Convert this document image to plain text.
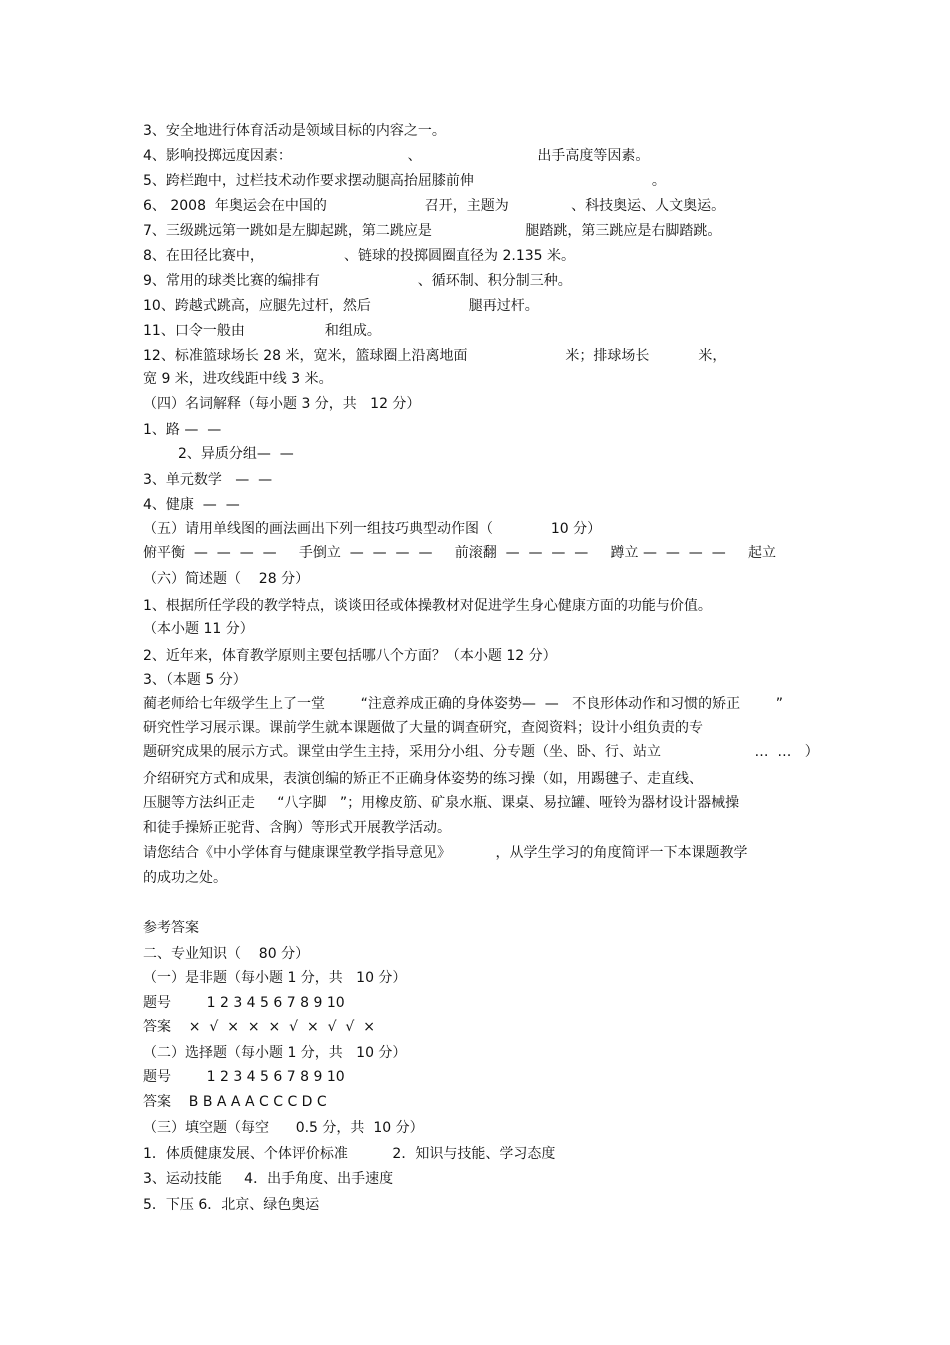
3、安全地进行体育活动是领域目标的内容之一。
4、影响投掷远度因素：                          、                          出手高度等因素。
5、跨栏跑中，过栏技术动作要求摆动腿高抬屈膝前伸                                        。
6、 2008  年奥运会在中国的                      召开，主题为              、科技奥运、人文奥运。
7、三级跳远第一跳如是左脚起跳，第二跳应是                     腿踏跳，第三跳应是右脚踏跳。
8、在田径比赛中，                  、链球的投掷圆圈直径为 2.135 米。
9、常用的球类比赛的编排有                      、循环制、积分制三种。
10、跨越式跳高，应腿先过杆，然后                      腿再过杆。
11、口令一般由                  和组成。
12、标准篮球场长 28 米，宽米，篮球圈上沿离地面                      米；排球场长           米，
宽 9 米，进攻线距中线 3 米。
（四）名词解释（每小题 3 分，共   12 分）
1、路 —  —
2、异质分组—  —
3、单元数学   —  —
4、健康  —  —
（五）请用单线图的画法画出下列一组技巧典型动作图（             10 分）
俯平衡  —  —  —  —     手倒立  —  —  —  —     前滚翻  —  —  —  —     蹲立 —  —  —  —     起立
（六）简述题（    28 分）
1、根据所任学段的教学特点，谈谈田径或体操教材对促进学生身心健康方面的功能与价值。
（本小题 11 分）
2、近年来，体育教学原则主要包括哪八个方面？（本小题 12 分）
3、（本题 5 分）
蔺老师给七年级学生上了一堂        “注意养成正确的身体姿势—  —   不良形体动作和习惯的矫正        ”
研究性学习展示课。课前学生就本课题做了大量的调查研究，查阅资料；设计小组负责的专
题研究成果的展示方式。课堂由学生主持，采用分小组、分专题（坐、卧、行、站立                     …  …   ）
介绍研究方式和成果，表演创编的矫正不正确身体姿势的练习操（如，用踢毽子、走直线、
压腿等方法纠正走     “八字脚   ”；用橡皮筋、矿泉水瓶、课桌、易拉罐、哑铃为器材设计器械操
和徒手操矫正驼背、含胸）等形式开展教学活动。
请您结合《中小学体育与健康课堂教学指导意见》          ，从学生学习的角度简评一下本课题教学
的成功之处。
参考答案
二、专业知识（    80 分）
（一）是非题（每小题 1 分，共   10 分）
题号        1 2 3 4 5 6 7 8 9 10
答案    ×  √  ×  ×  ×  √  ×  √  √  ×
（二）选择题（每小题 1 分，共   10 分）
题号        1 2 3 4 5 6 7 8 9 10
答案    B B A A A C C C D C
（三）填空题（每空      0.5 分，共  10 分）
1．体质健康发展、个体评价标准          2．知识与技能、学习态度
3、运动技能     4．出手角度、出手速度
5．下压 6．北京、绿色奥运
